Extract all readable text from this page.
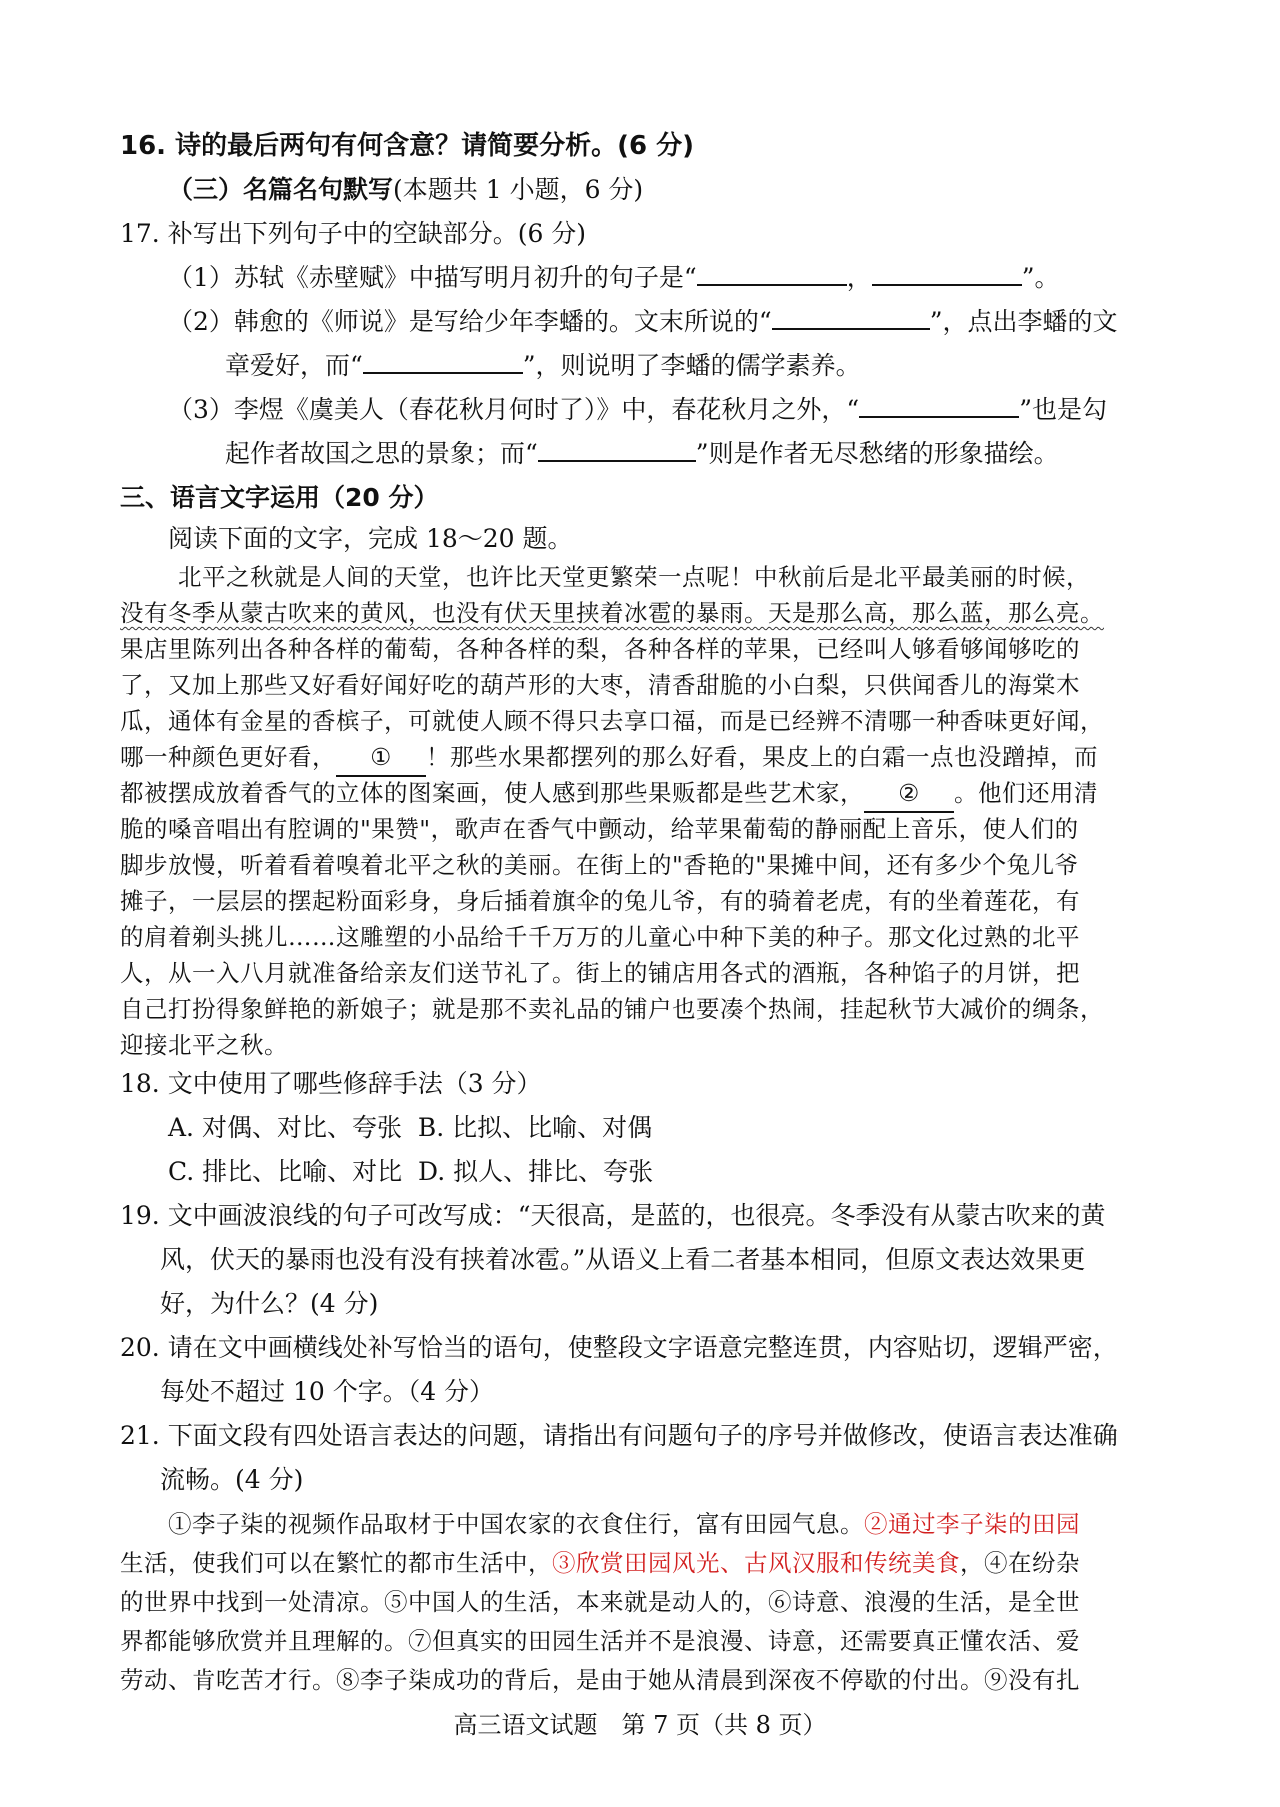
16. 诗的最后两句有何含意？请简要分析。(6 分)
（三）名篇名句默写(本题共 1 小题，6 分)
17. 补写出下列句子中的空缺部分。(6 分)
（1）苏轼《赤壁赋》中描写明月初升的句子是“	，	”。
（2）韩愈的《师说》是写给少年李蟠的。文末所说的“	”，点出李蟠的文
章爱好，而“	”，则说明了李蟠的儒学素养。
（3）李煜《虞美人（春花秋月何时了）》中，春花秋月之外，“	”也是勾
起作者故国之思的景象；而“	”则是作者无尽愁绪的形象描绘。
三、语言文字运用（20 分）
阅读下面的文字，完成 18～20 题。
北平之秋就是人间的天堂，也许比天堂更繁荣一点呢！中秋前后是北平最美丽的时候，
没有冬季从蒙古吹来的黄风，也没有伏天里挟着冰雹的暴雨。天是那么高，那么蓝，那么亮。
果店里陈列出各种各样的葡萄，各种各样的梨，各种各样的苹果，已经叫人够看够闻够吃的
了，又加上那些又好看好闻好吃的葫芦形的大枣，清香甜脆的小白梨，只供闻香儿的海棠木
瓜，通体有金星的香槟子，可就使人顾不得只去享口福，而是已经辨不清哪一种香味更好闻，
哪一种颜色更好看， ① ！那些水果都摆列的那么好看，果皮上的白霜一点也没蹭掉，而
都被摆成放着香气的立体的图案画，使人感到那些果贩都是些艺术家， ② 。他们还用清
脆的嗓音唱出有腔调的"果赞"，歌声在香气中颤动，给苹果葡萄的静丽配上音乐，使人们的
脚步放慢，听着看着嗅着北平之秋的美丽。在街上的"香艳的"果摊中间，还有多少个兔儿爷
摊子，一层层的摆起粉面彩身，身后插着旗伞的兔儿爷，有的骑着老虎，有的坐着莲花，有
的肩着剃头挑儿……这雕塑的小品给千千万万的儿童心中种下美的种子。那文化过熟的北平
人，从一入八月就准备给亲友们送节礼了。街上的铺店用各式的酒瓶，各种馅子的月饼，把
自己打扮得象鲜艳的新娘子；就是那不卖礼品的铺户也要凑个热闹，挂起秋节大减价的绸条，
迎接北平之秋。
18. 文中使用了哪些修辞手法（3 分）
A. 对偶、对比、夸张 B. 比拟、比喻、对偶
C. 排比、比喻、对比 D. 拟人、排比、夸张
19. 文中画波浪线的句子可改写成：“天很高，是蓝的，也很亮。冬季没有从蒙古吹来的黄
风，伏天的暴雨也没有没有挟着冰雹。”从语义上看二者基本相同，但原文表达效果更
好，为什么？(4 分)
20. 请在文中画横线处补写恰当的语句，使整段文字语意完整连贯，内容贴切，逻辑严密，
每处不超过 10 个字。（4 分）
21. 下面文段有四处语言表达的问题，请指出有问题句子的序号并做修改，使语言表达准确
流畅。(4 分)
①李子柒的视频作品取材于中国农家的衣食住行，富有田园气息。②通过李子柒的田园
生活，使我们可以在繁忙的都市生活中，③欣赏田园风光、古风汉服和传统美食，④在纷杂
的世界中找到一处清凉。⑤中国人的生活，本来就是动人的，⑥诗意、浪漫的生活，是全世
界都能够欣赏并且理解的。⑦但真实的田园生活并不是浪漫、诗意，还需要真正懂农活、爱
劳动、肯吃苦才行。⑧李子柒成功的背后，是由于她从清晨到深夜不停歇的付出。⑨没有扎
高三语文试题　第 7 页（共 8 页）
